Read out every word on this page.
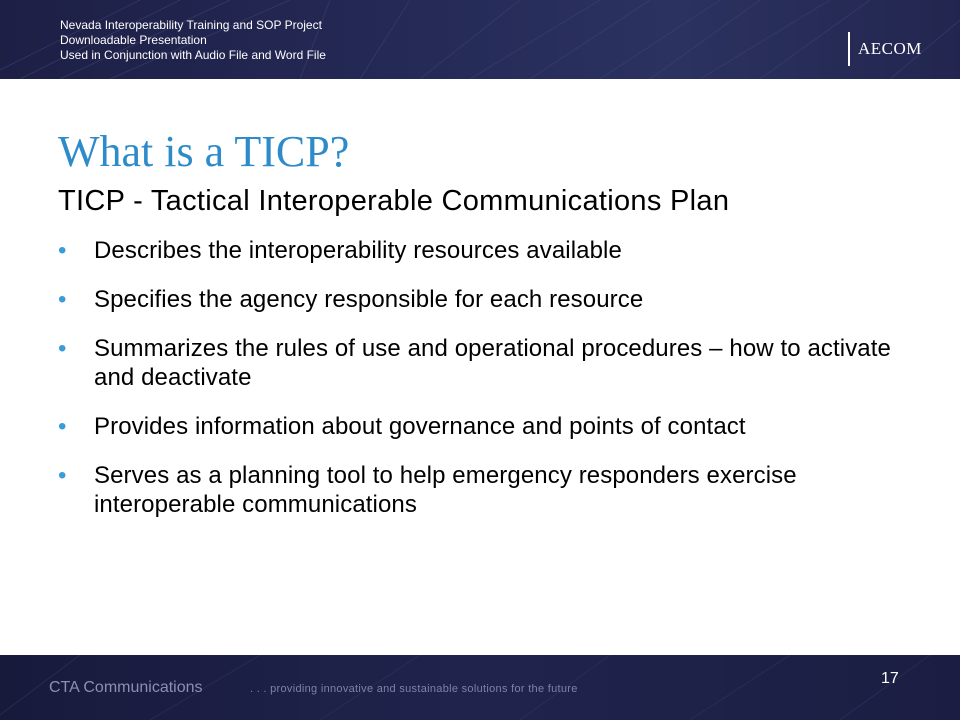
Nevada Interoperability Training and SOP Project
Downloadable Presentation
Used in Conjunction with Audio File and Word File	AECOM
What is a TICP?
TICP - Tactical Interoperable Communications Plan
• Describes the interoperability resources available
• Specifies the agency responsible for each resource
• Summarizes the rules of use and operational procedures – how to activate and deactivate
• Provides information about governance and points of contact
• Serves as a planning tool to help emergency responders exercise interoperable communications
CTA Communications	. . . providing innovative and sustainable solutions for the future
17
